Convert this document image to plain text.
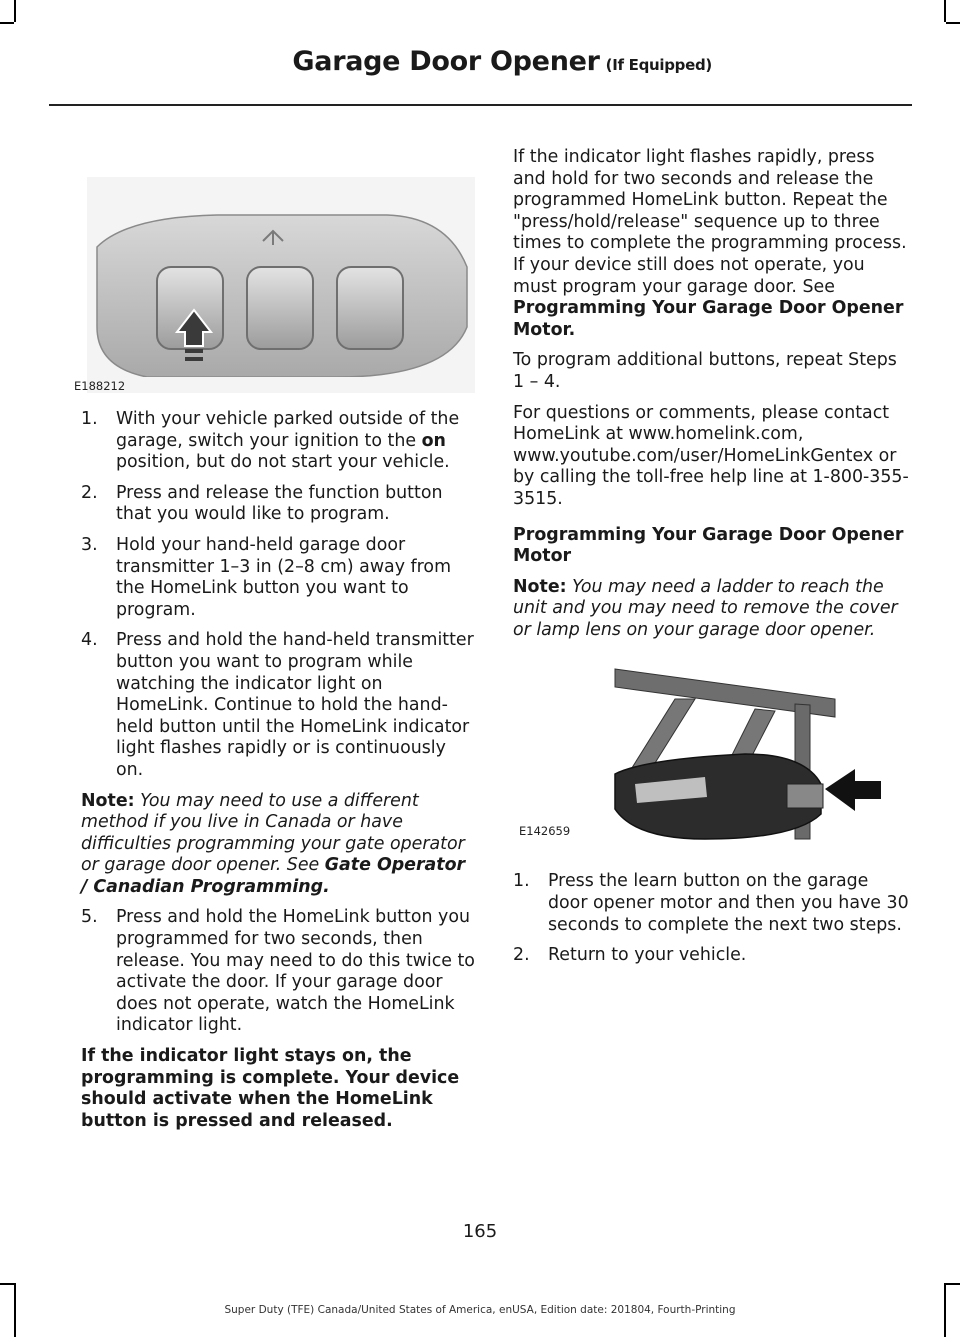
Garage Door Opener (If Equipped)
E188212
1. With your vehicle parked outside of the garage, switch your ignition to the on position, but do not start your vehicle.
2. Press and release the function button that you would like to program.
3. Hold your hand-held garage door transmitter 1–3 in (2–8 cm) away from the HomeLink button you want to program.
4. Press and hold the hand-held transmitter button you want to program while watching the indicator light on HomeLink. Continue to hold the hand-held button until the HomeLink indicator light flashes rapidly or is continuously on.

Note: You may need to use a different method if you live in Canada or have difficulties programming your gate operator or garage door opener. See Gate Operator / Canadian Programming.

5. Press and hold the HomeLink button you programmed for two seconds, then release. You may need to do this twice to activate the door. If your garage door does not operate, watch the HomeLink indicator light.

If the indicator light stays on, the programming is complete. Your device should activate when the HomeLink button is pressed and released.

If the indicator light flashes rapidly, press and hold for two seconds and release the programmed HomeLink button. Repeat the "press/hold/release" sequence up to three times to complete the programming process. If your device still does not operate, you must program your garage door. See Programming Your Garage Door Opener Motor.

To program additional buttons, repeat Steps 1 – 4.

For questions or comments, please contact HomeLink at www.homelink.com, www.youtube.com/user/HomeLinkGentex or by calling the toll-free help line at 1-800-355-3515.

Programming Your Garage Door Opener Motor

Note: You may need a ladder to reach the unit and you may need to remove the cover or lamp lens on your garage door opener.

E142659
1. Press the learn button on the garage door opener motor and then you have 30 seconds to complete the next two steps.
2. Return to your vehicle.
165
Super Duty (TFE) Canada/United States of America, enUSA, Edition date: 201804, Fourth-Printing
